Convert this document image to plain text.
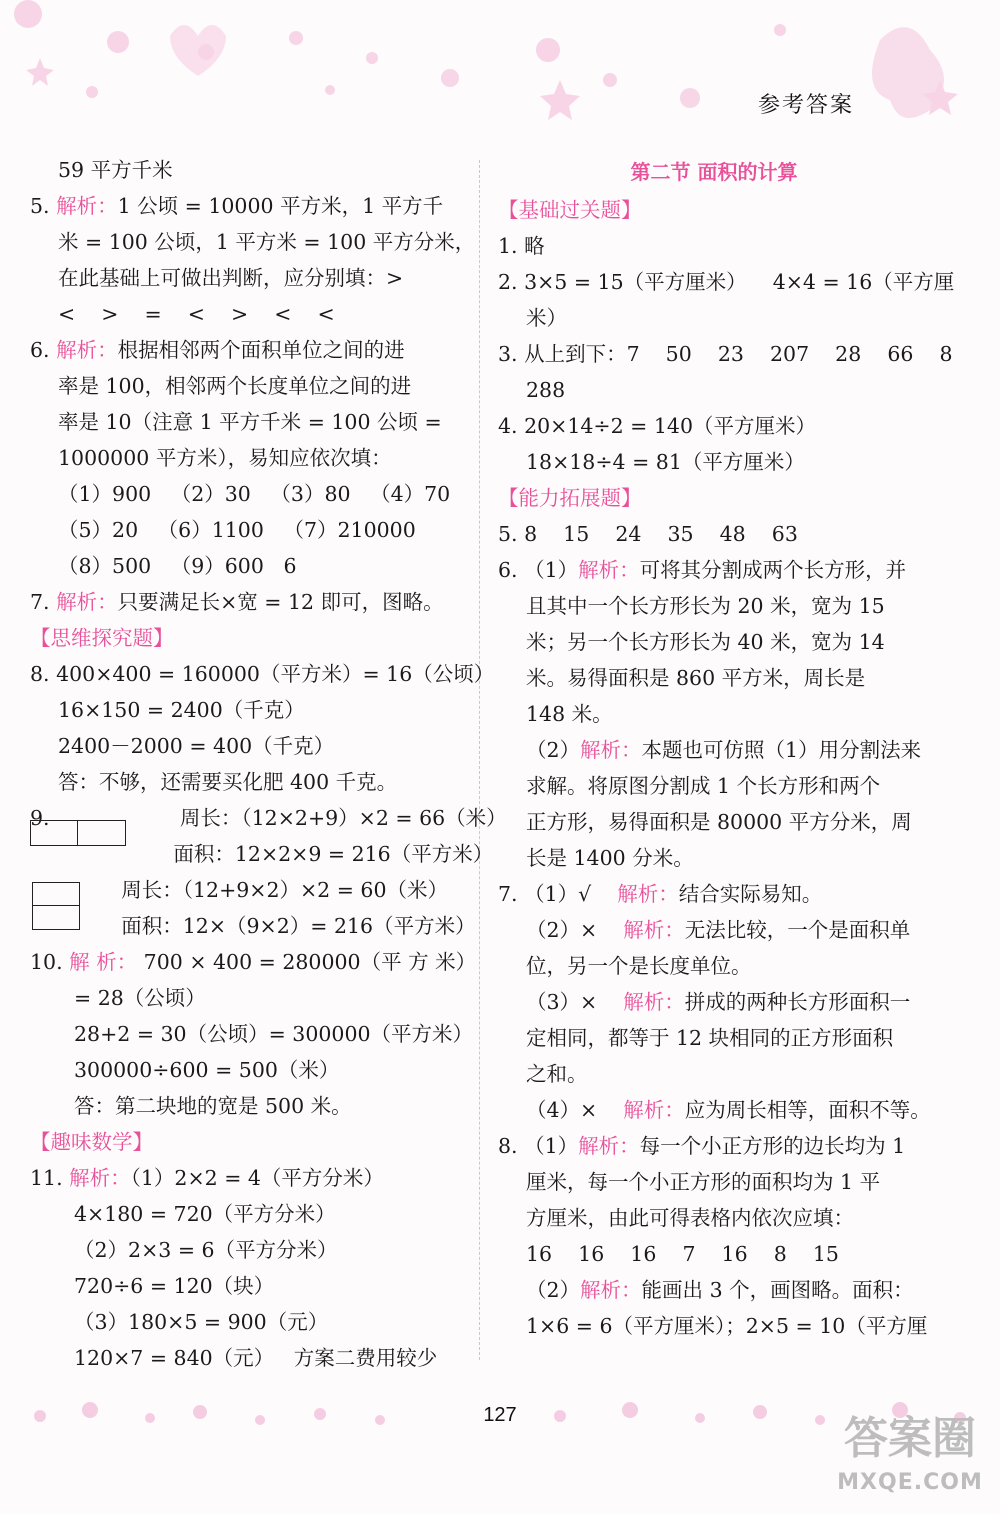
参考答案
59 平方千米
5. 解析：1 公顷 = 10000 平方米，1 平方千
米 = 100 公顷，1 平方米 = 100 平方分米，
在此基础上可做出判断，应分别填：>
<    >    =    <    >    <    <
6. 解析：根据相邻两个面积单位之间的进
率是 100，相邻两个长度单位之间的进
率是 10（注意 1 平方千米 = 100 公顷 =
1000000 平方米），易知应依次填：
（1）900   （2）30   （3）80   （4）70
（5）20   （6）1100   （7）210000
（8）500   （9）600   6
7. 解析：只要满足长×宽 = 12 即可，图略。
【思维探究题】
8. 400×400 = 160000（平方米）= 16（公顷）
16×150 = 2400（千克）
2400－2000 = 400（千克）
答：不够，还需要买化肥 400 千克。
9.                    周长：（12×2+9）×2 = 66（米）
面积：12×2×9 = 216（平方米）
周长：（12+9×2）×2 = 60（米）
面积：12×（9×2）= 216（平方米）
10. 解 析： 700 × 400 = 280000（平 方 米）
= 28（公顷）
28+2 = 30（公顷）= 300000（平方米）
300000÷600 = 500（米）
答：第二块地的宽是 500 米。
【趣味数学】
11. 解析：（1）2×2 = 4（平方分米）
4×180 = 720（平方分米）
（2）2×3 = 6（平方分米）
720÷6 = 120（块）
（3）180×5 = 900（元）
120×7 = 840（元）   方案二费用较少
第二节 面积的计算
【基础过关题】
1. 略
2. 3×5 = 15（平方厘米）    4×4 = 16（平方厘
米）
3. 从上到下：7    50    23    207    28    66    8
288
4. 20×14÷2 = 140（平方厘米）
18×18÷4 = 81（平方厘米）
【能力拓展题】
5. 8    15    24    35    48    63
6. （1）解析：可将其分割成两个长方形，并
且其中一个长方形长为 20 米，宽为 15
米；另一个长方形长为 40 米，宽为 14
米。易得面积是 860 平方米，周长是
148 米。
（2）解析：本题也可仿照（1）用分割法来
求解。将原图分割成 1 个长方形和两个
正方形，易得面积是 80000 平方分米，周
长是 1400 分米。
7. （1）√    解析：结合实际易知。
（2）×    解析：无法比较，一个是面积单
位，另一个是长度单位。
（3）×    解析：拼成的两种长方形面积一
定相同，都等于 12 块相同的正方形面积
之和。
（4）×    解析：应为周长相等，面积不等。
8. （1）解析：每一个小正方形的边长均为 1
厘米，每一个小正方形的面积均为 1 平
方厘米，由此可得表格内依次应填：
16    16    16    7    16    8    15
（2）解析：能画出 3 个，画图略。面积：
1×6 = 6（平方厘米）；2×5 = 10（平方厘
127	答案圈
MXQE.COM
